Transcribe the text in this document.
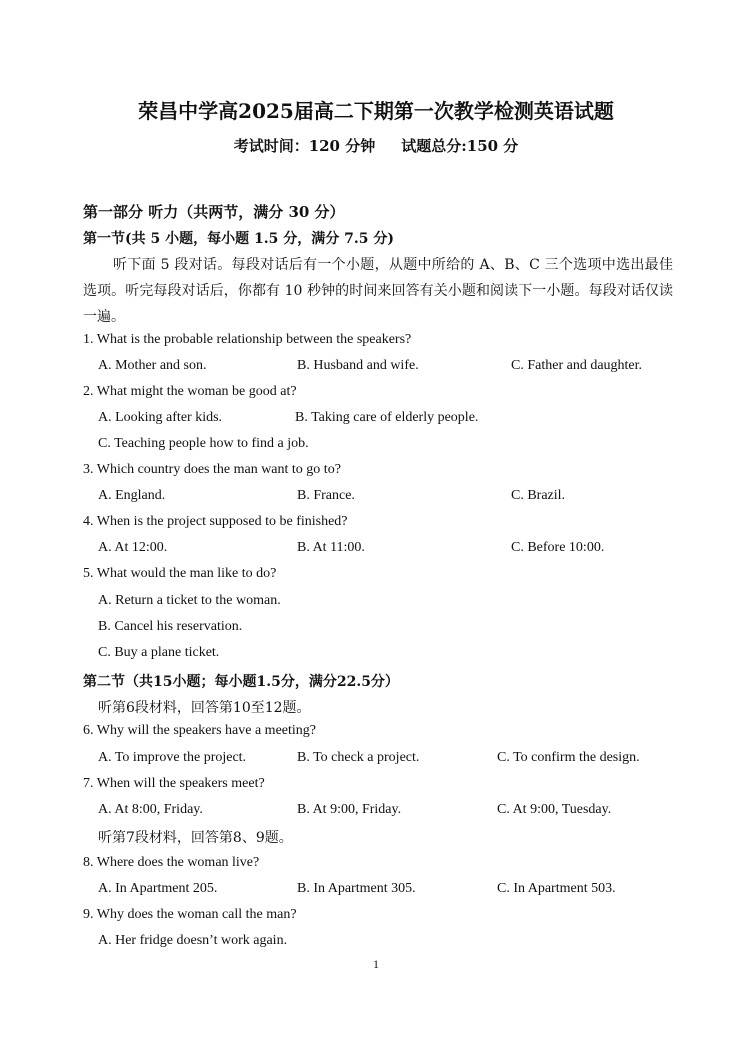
荣昌中学高2025届高二下期第一次教学检测英语试题
考试时间：120 分钟 试题总分:150 分
第一部分 听力（共两节，满分 30 分）
第一节(共 5 小题，每小题 1.5 分，满分 7.5 分)
听下面 5 段对话。每段对话后有一个小题，从题中所给的 A、B、C 三个选项中选出最佳选项。听完每段对话后，你都有 10 秒钟的时间来回答有关小题和阅读下一小题。每段对话仅读一遍。
1. What is the probable relationship between the speakers?
A. Mother and son.	B. Husband and wife.	C. Father and daughter.
2. What might the woman be good at?
A. Looking after kids.	B. Taking care of elderly people.
C. Teaching people how to find a job.
3. Which country does the man want to go to?
A. England.	B. France.	C. Brazil.
4. When is the project supposed to be finished?
A. At 12:00.	B. At 11:00.	C. Before 10:00.
5. What would the man like to do?
A. Return a ticket to the woman.
B. Cancel his reservation.
C. Buy a plane ticket.
第二节（共15小题；每小题1.5分，满分22.5分）
听第6段材料，回答第10至12题。
6. Why will the speakers have a meeting?
A. To improve the project.	B. To check a project.	C. To confirm the design.
7. When will the speakers meet?
A. At 8:00, Friday.	B. At 9:00, Friday.	C. At 9:00, Tuesday.
听第7段材料，回答第8、9题。
8. Where does the woman live?
A. In Apartment 205.	B. In Apartment 305.	C. In Apartment 503.
9. Why does the woman call the man?
A. Her fridge doesn’t work again.
1
